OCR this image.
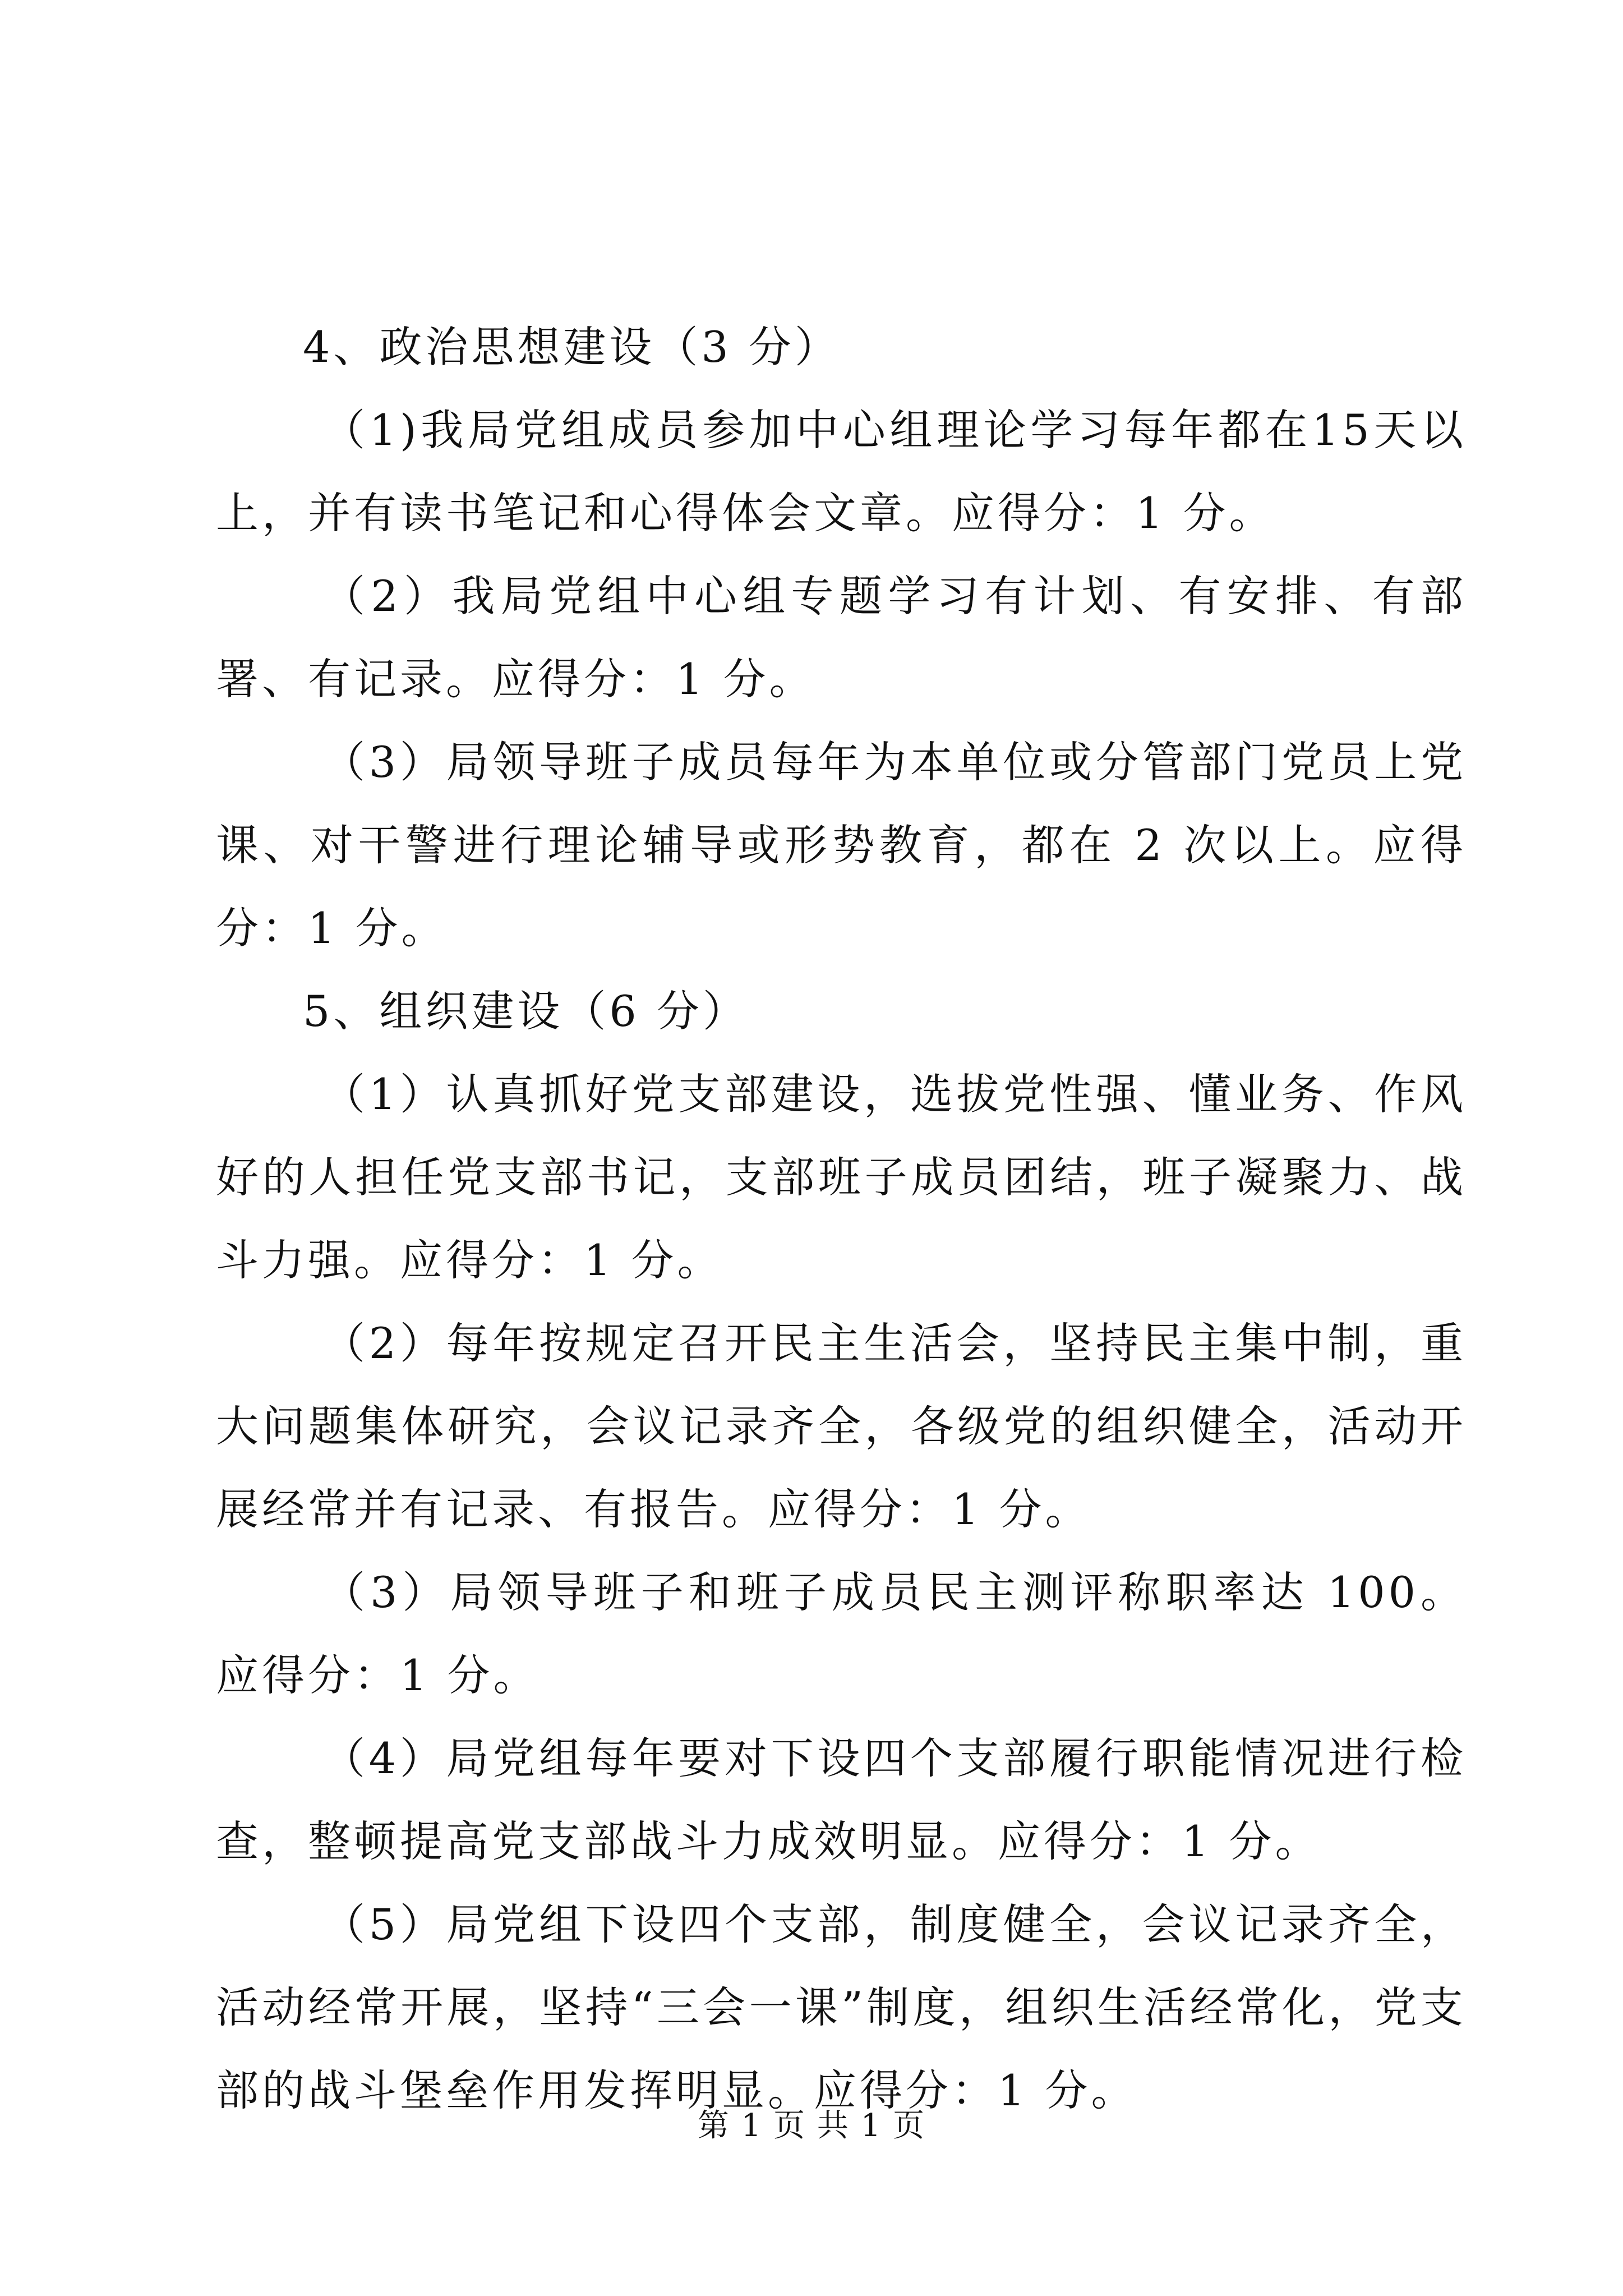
4、政治思想建设（3 分）

（1)我局党组成员参加中心组理论学习每年都在15天以上，并有读书笔记和心得体会文章。应得分：1 分。

（2）我局党组中心组专题学习有计划、有安排、有部署、有记录。应得分：1 分。

（3）局领导班子成员每年为本单位或分管部门党员上党课、对干警进行理论辅导或形势教育，都在 2 次以上。应得分：1 分。

5、组织建设（6 分）

（1）认真抓好党支部建设，选拔党性强、懂业务、作风好的人担任党支部书记，支部班子成员团结，班子凝聚力、战斗力强。应得分：1 分。

（2）每年按规定召开民主生活会，坚持民主集中制，重大问题集体研究，会议记录齐全，各级党的组织健全，活动开展经常并有记录、有报告。应得分：1 分。

（3）局领导班子和班子成员民主测评称职率达 100。应得分：1 分。

（4）局党组每年要对下设四个支部履行职能情况进行检查，整顿提高党支部战斗力成效明显。应得分：1 分。

（5）局党组下设四个支部，制度健全，会议记录齐全，活动经常开展，坚持“三会一课”制度，组织生活经常化，党支部的战斗堡垒作用发挥明显。应得分：1 分。

第 1 页 共 1 页
